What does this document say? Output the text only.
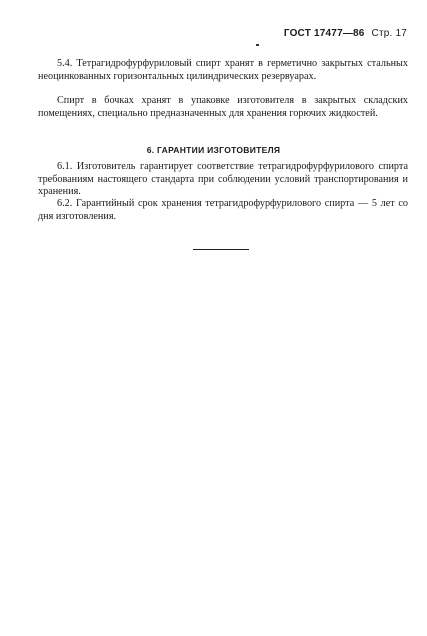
ГОСТ 17477—86 Стр. 17

5.4. Тетрагидрофурфуриловый спирт хранят в герметично закрытых стальных неоцинкованных горизонтальных цилиндрических резервуарах.

Спирт в бочках хранят в упаковке изготовителя в закрытых складских помещениях, специально предназначенных для хранения горючих жидкостей.

6. ГАРАНТИИ ИЗГОТОВИТЕЛЯ

6.1. Изготовитель гарантирует соответствие тетрагидрофурфурилового спирта требованиям настоящего стандарта при соблюдении условий транспортирования и хранения.

6.2. Гарантийный срок хранения тетрагидрофурфурилового спирта — 5 лет со дня изготовления.
